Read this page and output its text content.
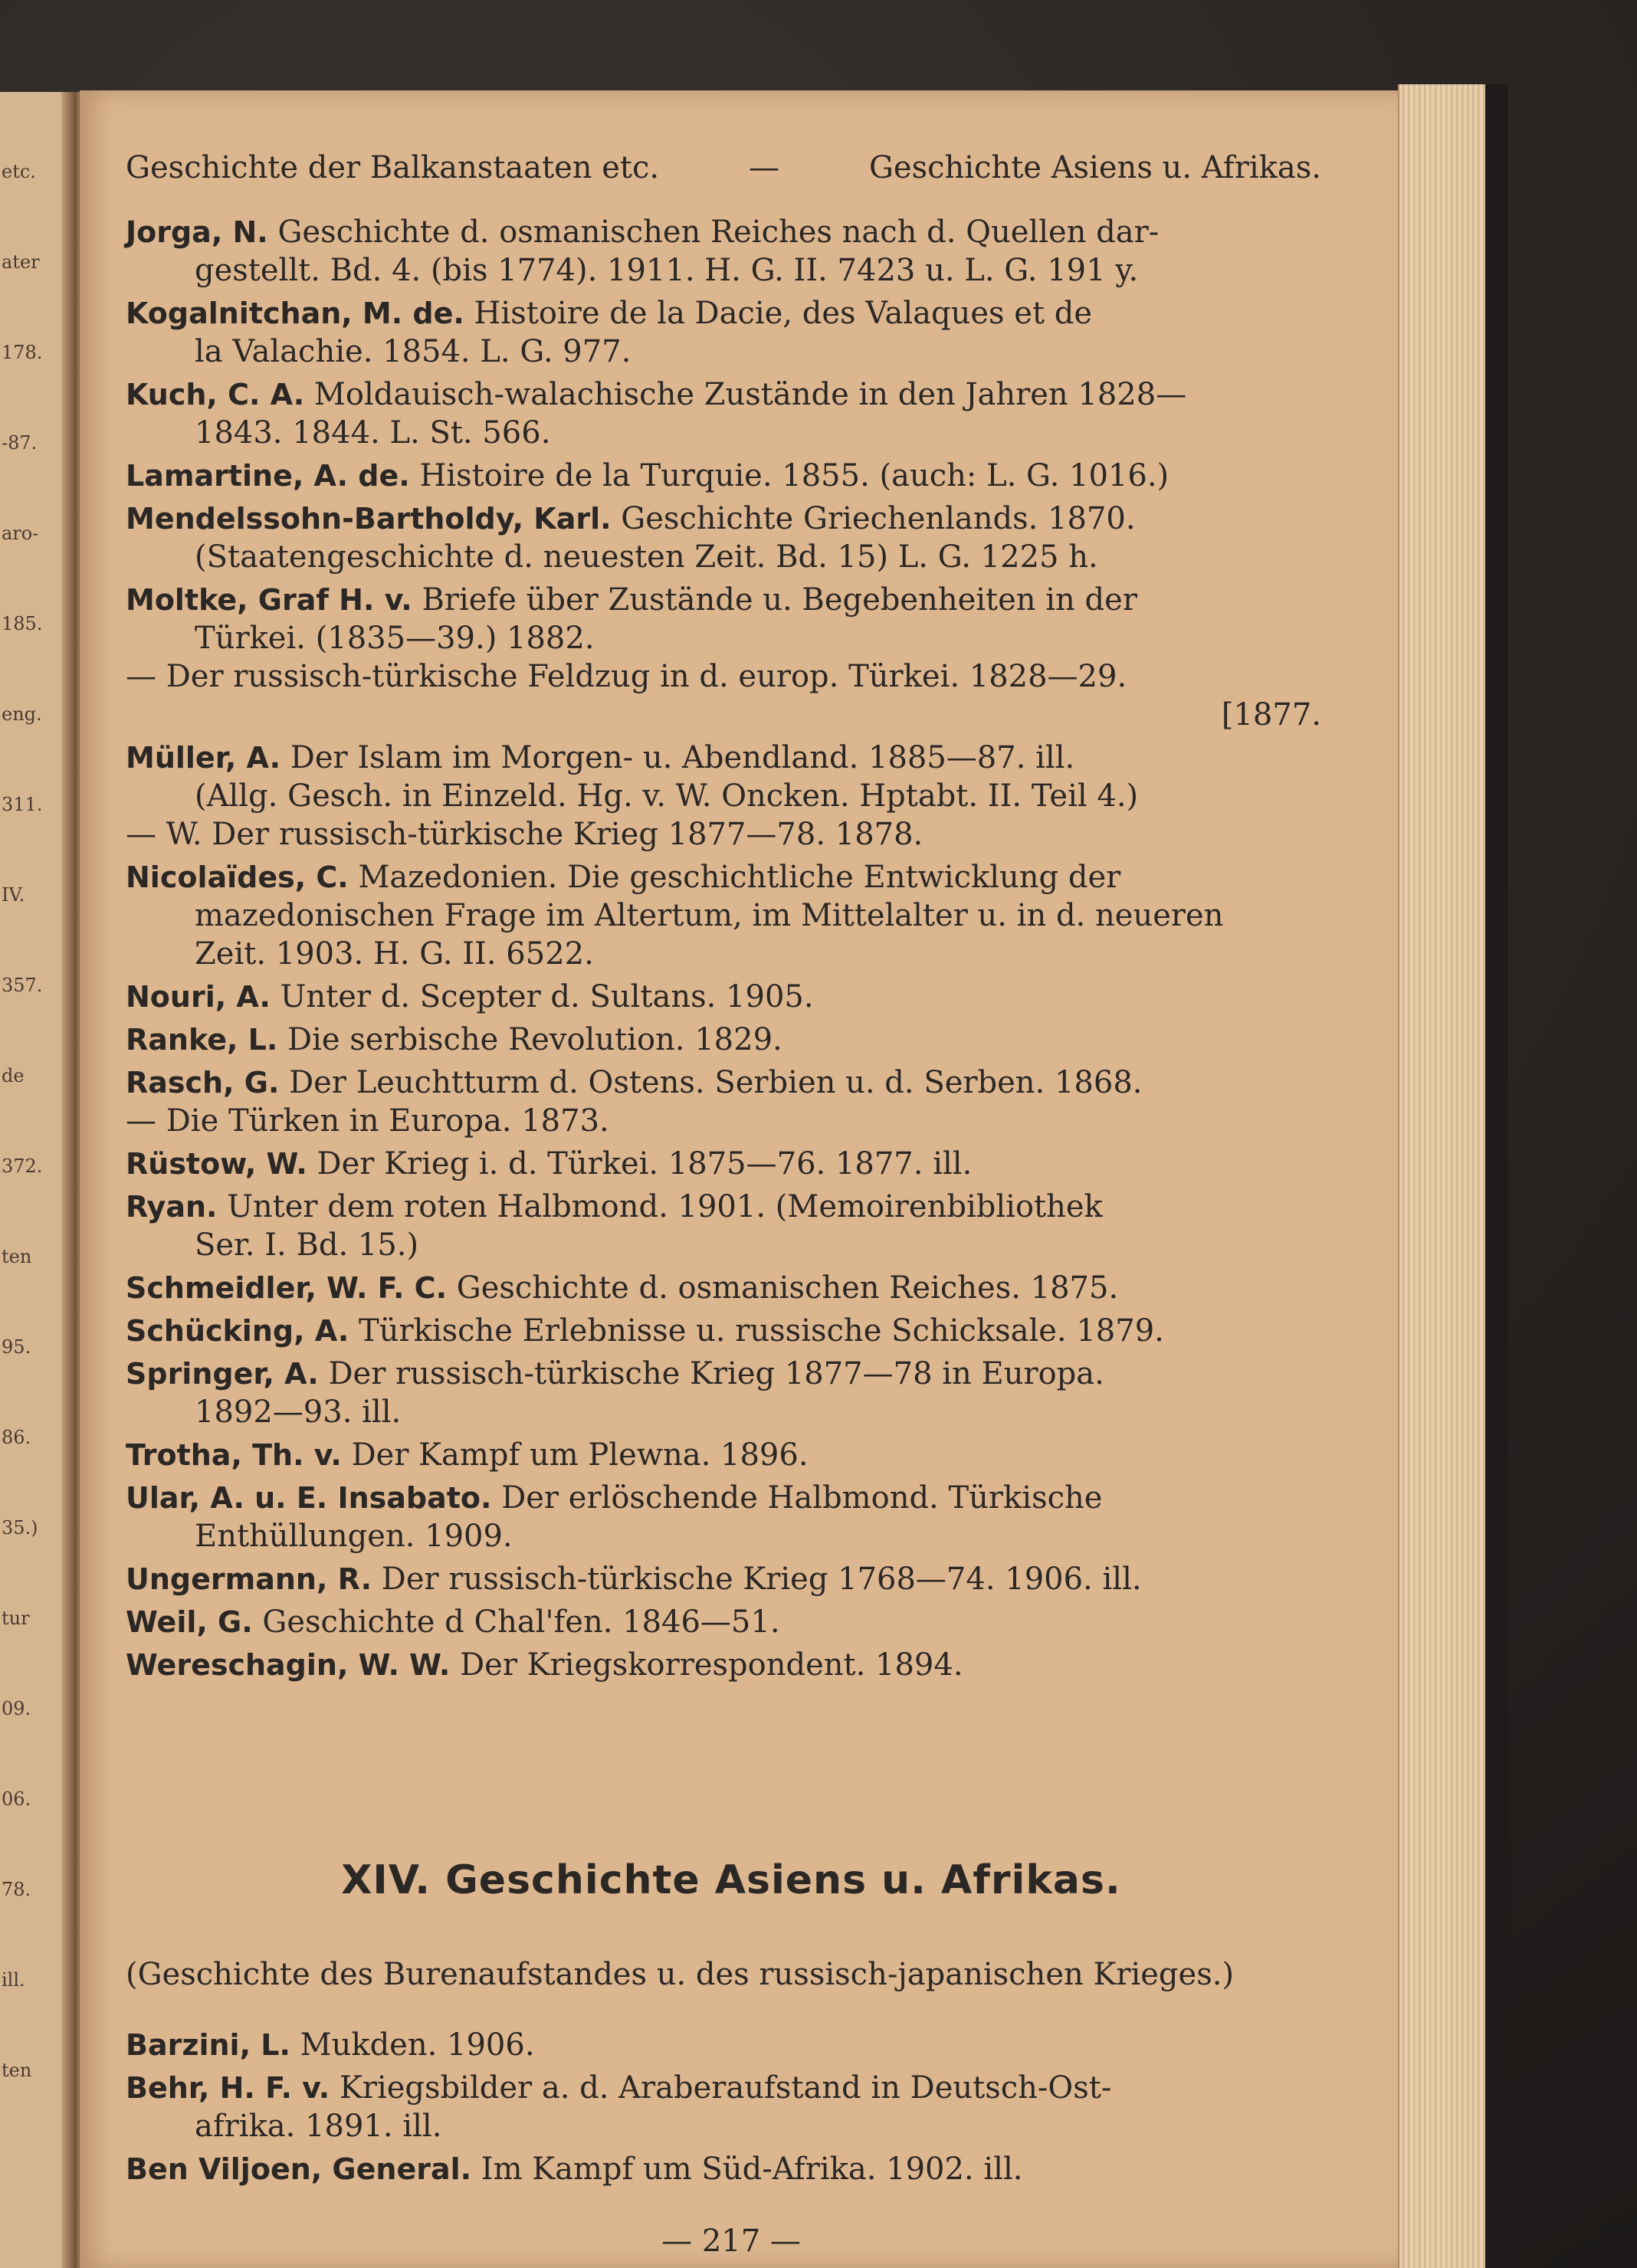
etc.
ater
178.
-87.
aro-
185.
eng.
311.
IV.
357.
de
372.
ten
95.
86.
35.)
tur
09.
06.
78.
ill.
ten
Geschichte der Balkanstaaten etc.	—	Geschichte Asiens u. Afrikas.
Jorga, N. Geschichte d. osmanischen Reiches nach d. Quellen dar-
gestellt. Bd. 4. (bis 1774). 1911. H. G. II. 7423 u. L. G. 191 y.
Kogalnitchan, M. de. Histoire de la Dacie, des Valaques et de
la Valachie. 1854. L. G. 977.
Kuch, C. A. Moldauisch-walachische Zustände in den Jahren 1828—
1843. 1844. L. St. 566.
Lamartine, A. de. Histoire de la Turquie. 1855. (auch: L. G. 1016.)
Mendelssohn-Bartholdy, Karl. Geschichte Griechenlands. 1870.
(Staatengeschichte d. neuesten Zeit. Bd. 15) L. G. 1225 h.
Moltke, Graf H. v. Briefe über Zustände u. Begebenheiten in der
Türkei. (1835—39.) 1882.
— Der russisch-türkische Feldzug in d. europ. Türkei. 1828—29.
[1877.
Müller, A. Der Islam im Morgen- u. Abendland. 1885—87. ill.
(Allg. Gesch. in Einzeld. Hg. v. W. Oncken. Hptabt. II. Teil 4.)
— W. Der russisch-türkische Krieg 1877—78. 1878.
Nicolaïdes, C. Mazedonien. Die geschichtliche Entwicklung der
mazedonischen Frage im Altertum, im Mittelalter u. in d. neueren
Zeit. 1903. H. G. II. 6522.
Nouri, A. Unter d. Scepter d. Sultans. 1905.
Ranke, L. Die serbische Revolution. 1829.
Rasch, G. Der Leuchtturm d. Ostens. Serbien u. d. Serben. 1868.
— Die Türken in Europa. 1873.
Rüstow, W. Der Krieg i. d. Türkei. 1875—76. 1877. ill.
Ryan. Unter dem roten Halbmond. 1901. (Memoirenbibliothek
Ser. I. Bd. 15.)
Schmeidler, W. F. C. Geschichte d. osmanischen Reiches. 1875.
Schücking, A. Türkische Erlebnisse u. russische Schicksale. 1879.
Springer, A. Der russisch-türkische Krieg 1877—78 in Europa.
1892—93. ill.
Trotha, Th. v. Der Kampf um Plewna. 1896.
Ular, A. u. E. Insabato. Der erlöschende Halbmond. Türkische
Enthüllungen. 1909.
Ungermann, R. Der russisch-türkische Krieg 1768—74. 1906. ill.
Weil, G. Geschichte d Chal'fen. 1846—51.
Wereschagin, W. W. Der Kriegskorrespondent. 1894.
XIV. Geschichte Asiens u. Afrikas.
(Geschichte des Burenaufstandes u. des russisch-japanischen Krieges.)
Barzini, L. Mukden. 1906.
Behr, H. F. v. Kriegsbilder a. d. Araberaufstand in Deutsch-Ost-
afrika. 1891. ill.
Ben Viljoen, General. Im Kampf um Süd-Afrika. 1902. ill.
— 217 —
